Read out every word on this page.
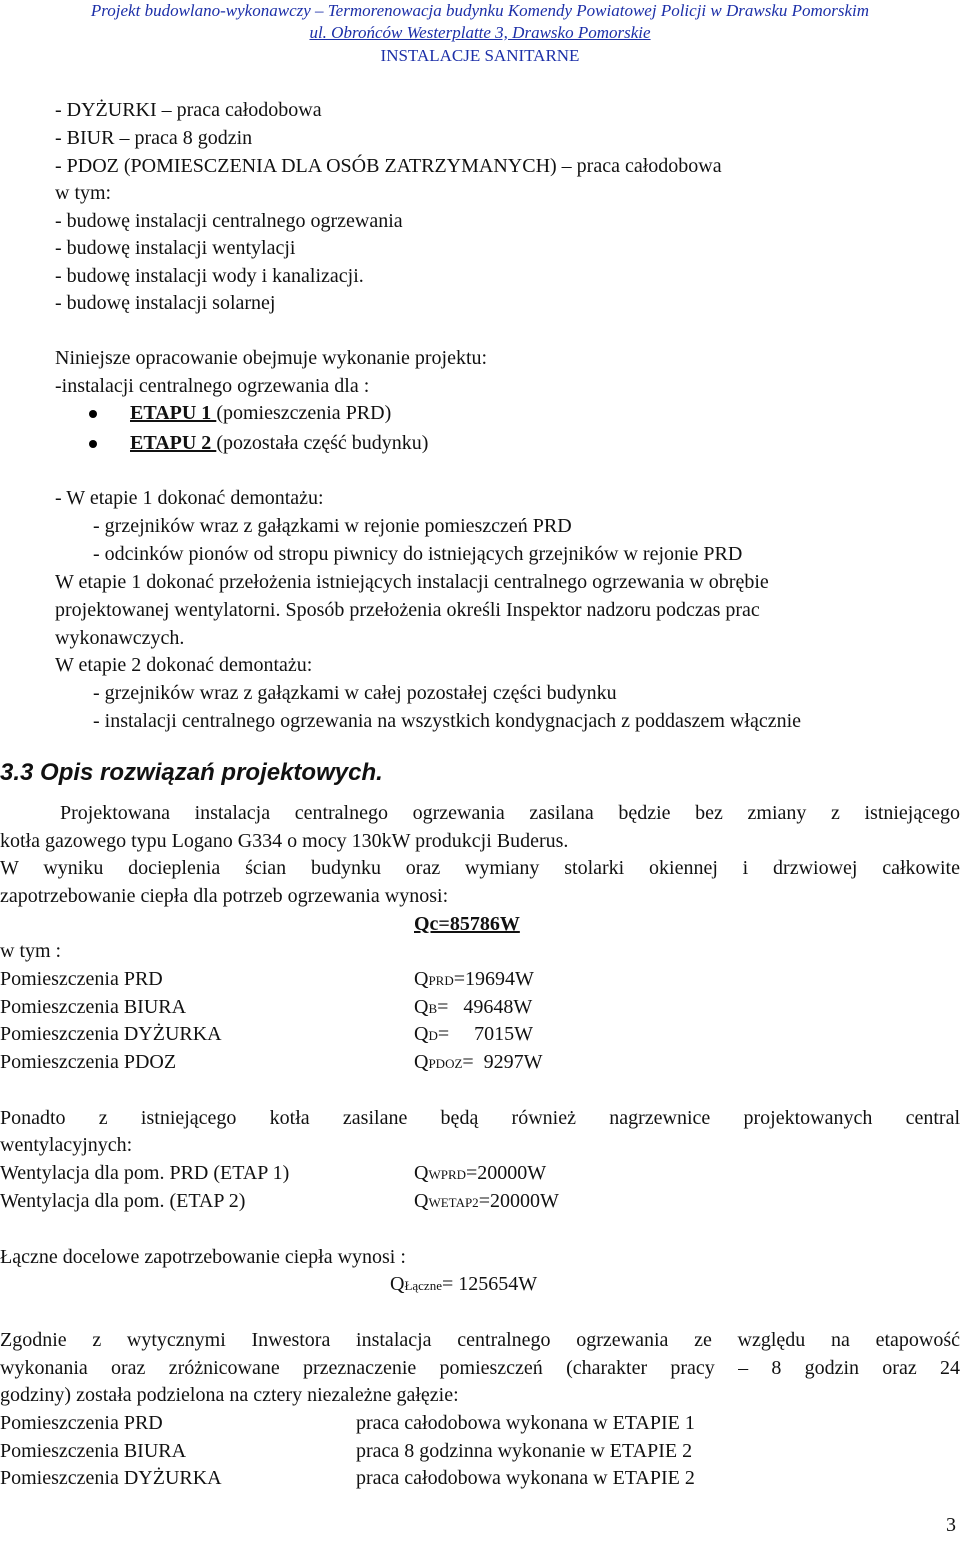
Projekt budowlano-wykonawczy – Termorenowacja budynku Komendy Powiatowej Policji w Drawsku Pomorskim
ul. Obrońców Westerplatte 3, Drawsko Pomorskie
INSTALACJE SANITARNE
- DYŻURKI – praca całodobowa
- BIUR – praca 8 godzin
- PDOZ (POMIESCZENIA DLA OSÓB ZATRZYMANYCH) – praca całodobowa
w tym:
- budowę instalacji centralnego ogrzewania
- budowę instalacji wentylacji
- budowę instalacji wody i kanalizacji.
- budowę instalacji solarnej
Niniejsze opracowanie obejmuje wykonanie projektu:
-instalacji centralnego ogrzewania dla :
ETAPU 1 (pomieszczenia PRD)
ETAPU 2 (pozostała część budynku)
- W etapie 1 dokonać demontażu:
- grzejników wraz z gałązkami w rejonie pomieszczeń PRD
- odcinków pionów od stropu piwnicy do istniejących grzejników w rejonie PRD
W etapie 1 dokonać przełożenia istniejących instalacji centralnego ogrzewania w obrębie
projektowanej wentylatorni. Sposób przełożenia określi Inspektor nadzoru podczas prac
wykonawczych.
W etapie 2 dokonać demontażu:
- grzejników wraz z gałązkami w całej pozostałej części budynku
- instalacji centralnego ogrzewania na wszystkich kondygnacjach z poddaszem włącznie
3.3 Opis rozwiązań projektowych.
Projektowana instalacja centralnego ogrzewania zasilana będzie bez zmiany z istniejącego
kotła gazowego typu Logano G334 o mocy 130kW produkcji Buderus.
W wyniku docieplenia ścian budynku oraz wymiany stolarki okiennej i drzwiowej całkowite
zapotrzebowanie ciepła dla potrzeb ogrzewania wynosi:
Qc=85786W
w tym :
Pomieszczenia PRD	QPRD=19694W
Pomieszczenia BIURA	QB=   49648W
Pomieszczenia DYŻURKA	QD=     7015W
Pomieszczenia PDOZ	QPDOZ=  9297W
Ponadto z istniejącego kotła zasilane będą również nagrzewnice projektowanych central
wentylacyjnych:
Wentylacja dla pom. PRD (ETAP 1)	QWPRD=20000W
Wentylacja dla pom. (ETAP 2)	QWETAP2=20000W
Łączne docelowe zapotrzebowanie ciepła wynosi :
QŁączne= 125654W
Zgodnie z wytycznymi Inwestora instalacja centralnego ogrzewania ze względu na etapowość
wykonania oraz zróżnicowane przeznaczenie pomieszczeń (charakter pracy – 8 godzin oraz 24
godziny) została podzielona na cztery niezależne gałęzie:
Pomieszczenia PRD	praca całodobowa wykonana w ETAPIE 1
Pomieszczenia BIURA	praca 8 godzinna wykonanie w ETAPIE 2
Pomieszczenia DYŻURKA	praca całodobowa wykonana w ETAPIE 2
3
